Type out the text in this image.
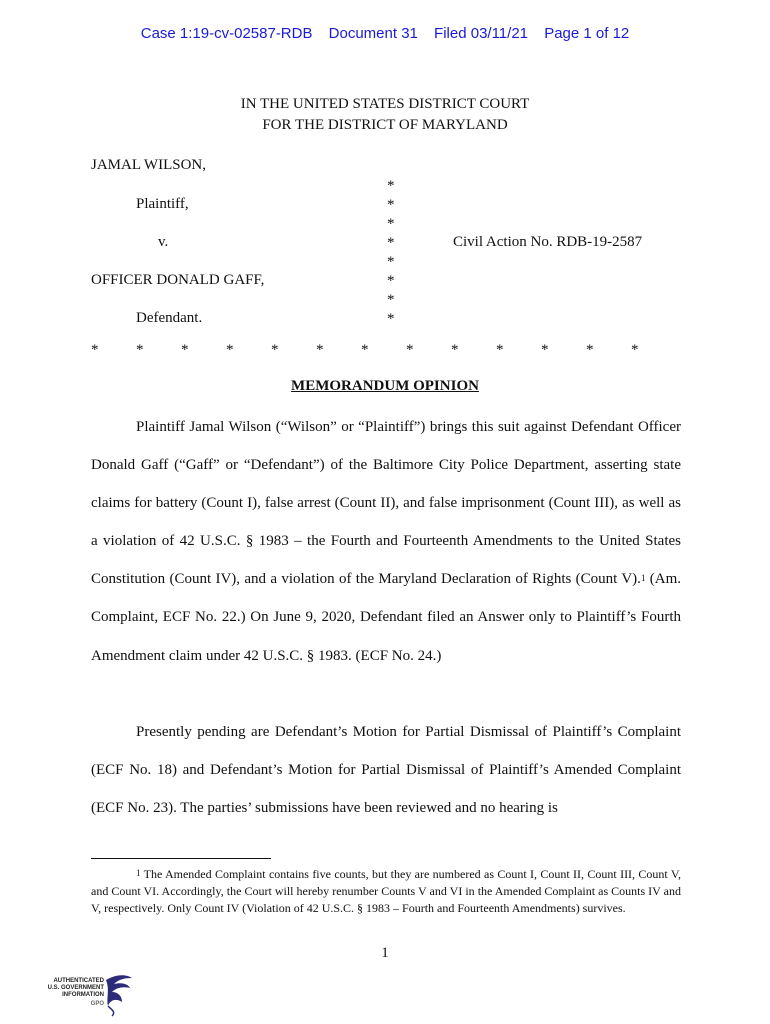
Case 1:19-cv-02587-RDB Document 31 Filed 03/11/21 Page 1 of 12
IN THE UNITED STATES DISTRICT COURT
FOR THE DISTRICT OF MARYLAND
JAMAL WILSON,
Plaintiff,
v.
OFFICER DONALD GAFF,
Defendant.
Civil Action No. RDB-19-2587
*
*
*
*
*
*
*
*
*	*	*	*	*	*	*	*	*	*	*	*	*
MEMORANDUM OPINION

Plaintiff Jamal Wilson (“Wilson” or “Plaintiff”) brings this suit against Defendant Officer Donald Gaff (“Gaff” or “Defendant”) of the Baltimore City Police Department, asserting state claims for battery (Count I), false arrest (Count II), and false imprisonment (Count III), as well as a violation of 42 U.S.C. § 1983 – the Fourth and Fourteenth Amendments to the United States Constitution (Count IV), and a violation of the Maryland Declaration of Rights (Count V).$^1$ (Am. Complaint, ECF No. 22.) On June 9, 2020, Defendant filed an Answer only to Plaintiff’s Fourth Amendment claim under 42 U.S.C. § 1983. (ECF No. 24.)

Presently pending are Defendant’s Motion for Partial Dismissal of Plaintiff’s Complaint (ECF No. 18) and Defendant’s Motion for Partial Dismissal of Plaintiff’s Amended Complaint (ECF No. 23). The parties’ submissions have been reviewed and no hearing is

$^1$ The Amended Complaint contains five counts, but they are numbered as Count I, Count II, Count III, Count V, and Count VI. Accordingly, the Court will hereby renumber Counts V and VI in the Amended Complaint as Counts IV and V, respectively. Only Count IV (Violation of 42 U.S.C. § 1983 – Fourth and Fourteenth Amendments) survives.
1
AUTHENTICATED
U.S. GOVERNMENT
INFORMATION
GPO
